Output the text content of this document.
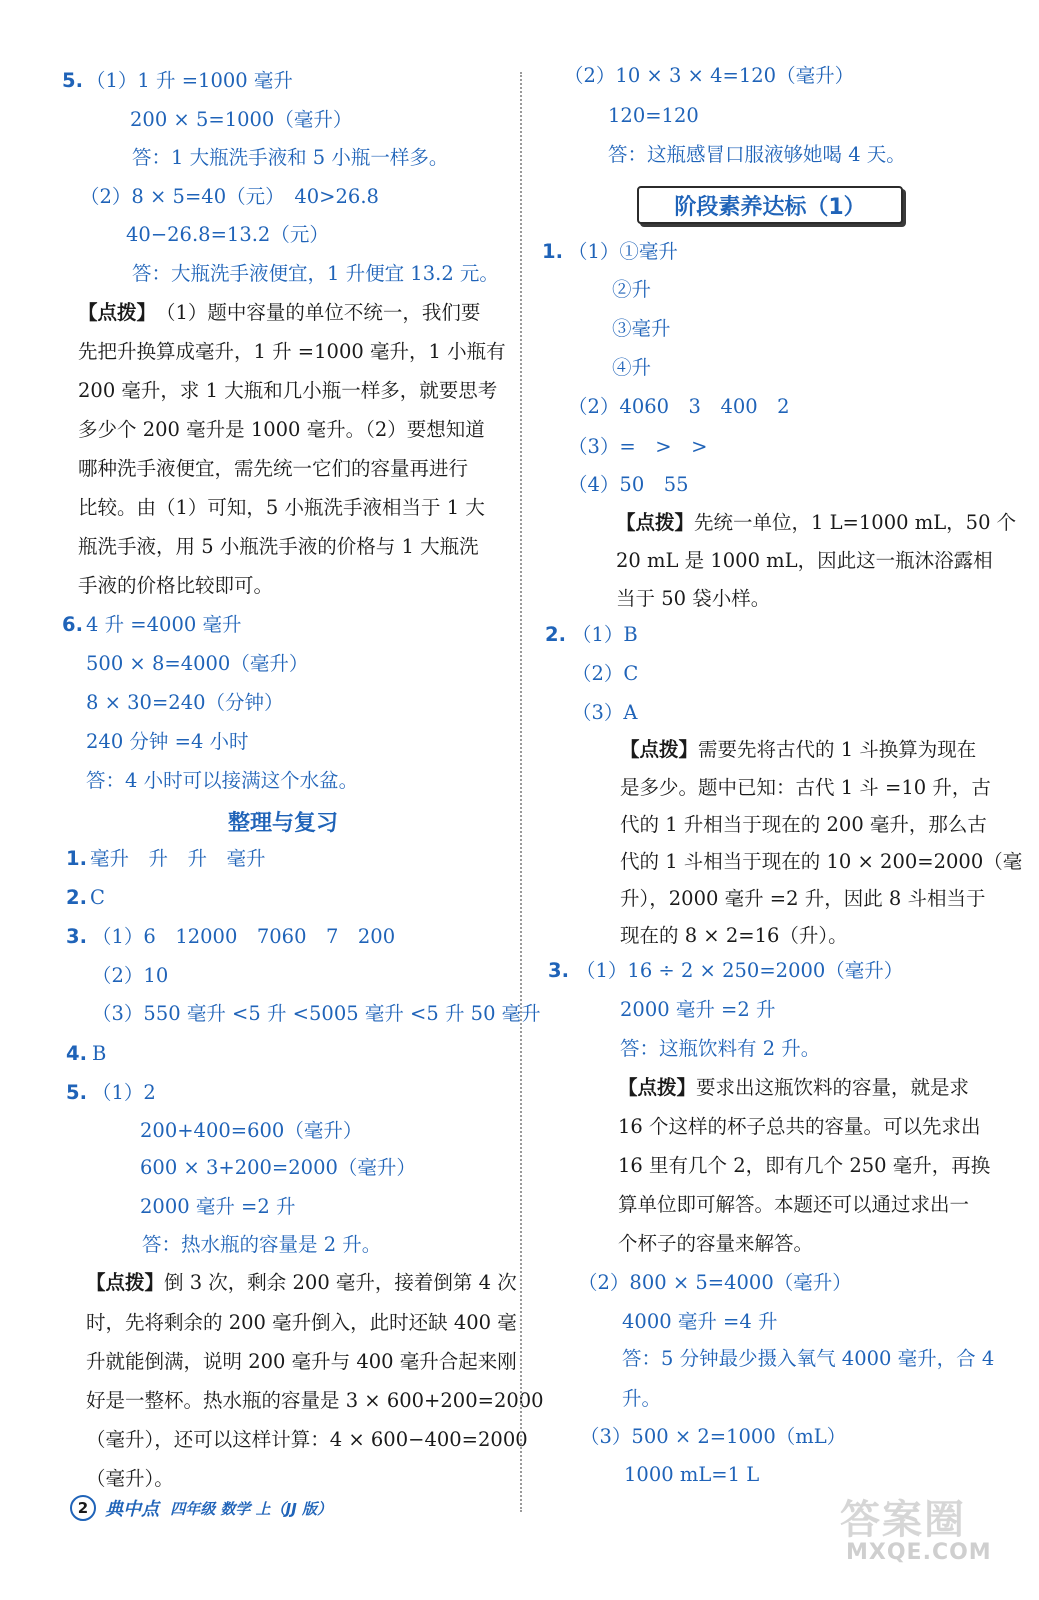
5. （1）1 升 =1000 毫升
200 × 5=1000（毫升）
答：1 大瓶洗手液和 5 小瓶一样多。
（2）8 × 5=40（元）　40>26.8
40−26.8=13.2（元）
答：大瓶洗手液便宜，1 升便宜 13.2 元。
【点拨】 （1）题中容量的单位不统一，我们要
先把升换算成毫升，1 升 =1000 毫升，1 小瓶有
200 毫升，求 1 大瓶和几小瓶一样多，就要思考
多少个 200 毫升是 1000 毫升。（2）要想知道
哪种洗手液便宜，需先统一它们的容量再进行
比较。由（1）可知，5 小瓶洗手液相当于 1 大
瓶洗手液，用 5 小瓶洗手液的价格与 1 大瓶洗
手液的价格比较即可。
6. 4 升 =4000 毫升
500 × 8=4000（毫升）
8 × 30=240（分钟）
240 分钟 =4 小时
答：4 小时可以接满这个水盆。
整理与复习
1. 毫升　升　升　毫升
2. C
3. （1）6　12000　7060　7　200
（2）10
（3）550 毫升 <5 升 <5005 毫升 <5 升 50 毫升
4. B
5. （1）2
200+400=600（毫升）
600 × 3+200=2000（毫升）
2000 毫升 =2 升
答：热水瓶的容量是 2 升。
【点拨】 倒 3 次，剩余 200 毫升，接着倒第 4 次
时，先将剩余的 200 毫升倒入，此时还缺 400 毫
升就能倒满，说明 200 毫升与 400 毫升合起来刚
好是一整杯。热水瓶的容量是 3 × 600+200=2000
（毫升），还可以这样计算：4 × 600−400=2000
（毫升）。
（2）10 × 3 × 4=120（毫升）
120=120
答：这瓶感冒口服液够她喝 4 天。
阶段素养达标（1）
1. （1）①毫升
②升
③毫升
④升
（2）4060　3　400　2
（3）=　>　>
（4）50　55
【点拨】 先统一单位，1 L=1000 mL，50 个
20 mL 是 1000 mL，因此这一瓶沐浴露相
当于 50 袋小样。
2. （1）B
（2）C
（3）A
【点拨】 需要先将古代的 1 斗换算为现在
是多少。题中已知：古代 1 斗 =10 升，古
代的 1 升相当于现在的 200 毫升，那么古
代的 1 斗相当于现在的 10 × 200=2000（毫
升），2000 毫升 =2 升，因此 8 斗相当于
现在的 8 × 2=16（升）。
3. （1）16 ÷ 2 × 250=2000（毫升）
2000 毫升 =2 升
答：这瓶饮料有 2 升。
【点拨】 要求出这瓶饮料的容量，就是求
16 个这样的杯子总共的容量。可以先求出
16 里有几个 2，即有几个 250 毫升，再换
算单位即可解答。本题还可以通过求出一
个杯子的容量来解答。
（2）800 × 5=4000（毫升）
4000 毫升 =4 升
答：5 分钟最少摄入氧气 4000 毫升，合 4
升。
（3）500 × 2=1000（mL）
1000 mL=1 L
2 典中点 四年级 数学 上（JJ 版）	答案圈
MXQE.COM
